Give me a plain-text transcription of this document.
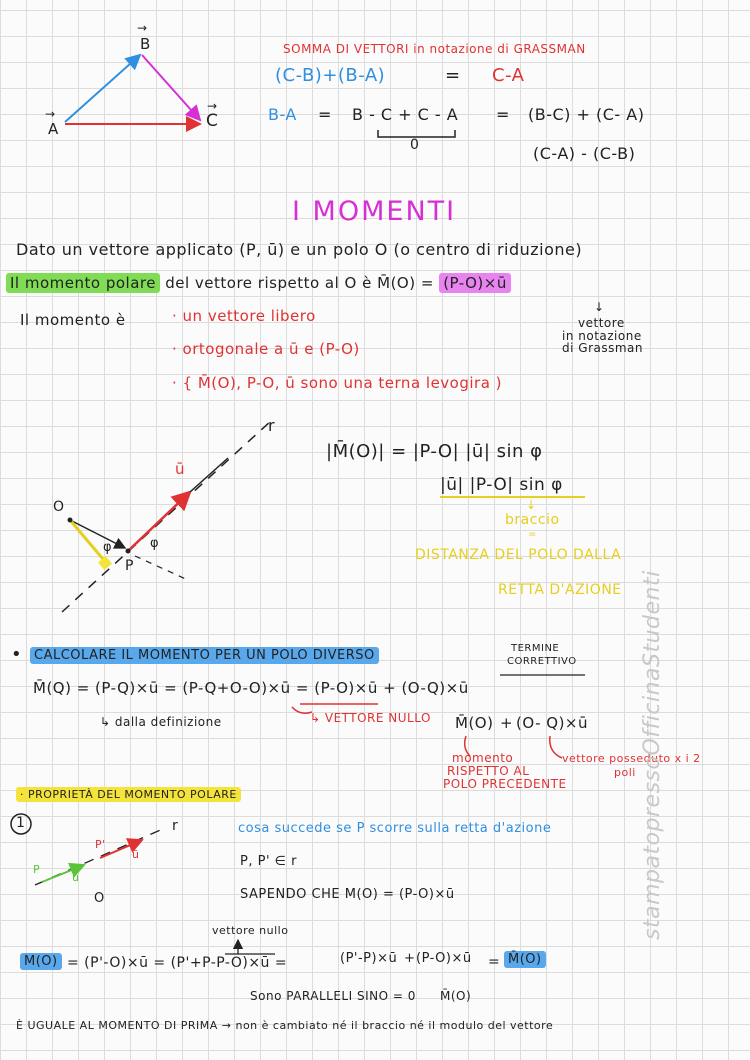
→
B
→
A
→
C
SOMMA DI VETTORI in notazione di GRASSMAN
(C-B)+(B-A)	= C-A
B-A = B - C + C - A = (B-C) + (C- A)
0	(C-A) - (C-B)
I MOMENTI
Dato un vettore applicato (P, ū) e un polo O (o centro di riduzione)
Il momento polare del vettore rispetto al O è M̄(O) = (P-O)×ū
↓
vettore
in notazione
di Grassman
Il momento è	· un vettore libero
· ortogonale a ū e (P-O)
· { M̄(O), P-O, ū sono una terna levogira )
r
ū
O
P
φ	φ
|M̄(O)| = |P-O| |ū| sin φ
|ū| |P-O| sin φ
↓
braccio
=
DISTANZA DEL POLO DALLA
RETTA D'AZIONE
• CALCOLARE IL MOMENTO PER UN POLO DIVERSO	TERMINE
CORRETTIVO
M̄(Q) = (P-Q)×ū = (P-Q+O-O)×ū = (P-O)×ū + (O-Q)×ū
↳ dalla definizione	↳ VETTORE NULLO M̄(O) + (O- Q)×ū
momento
RISPETTO AL
POLO PRECEDENTE
vettore posseduto x i 2
poli
· PROPRIETÀ DEL MOMENTO POLARE
1	r
P'
ū
P
ū
O
cosa succede se P scorre sulla retta d'azione
P, P' ∈ r
SAPENDO CHE M(O) = (P-O)×ū
vettore nullo
M(O) = (P'-O)×ū = (P'+P-P-O)×ū =	(P'-P)×ū + (P-O)×ū = M̄(O)
Sono PARALLELI SINO = 0 M̄(O)
È UGUALE AL MOMENTO DI PRIMA → non è cambiato né il braccio né il modulo del vettore
stampatopressoOfficinaStudenti
